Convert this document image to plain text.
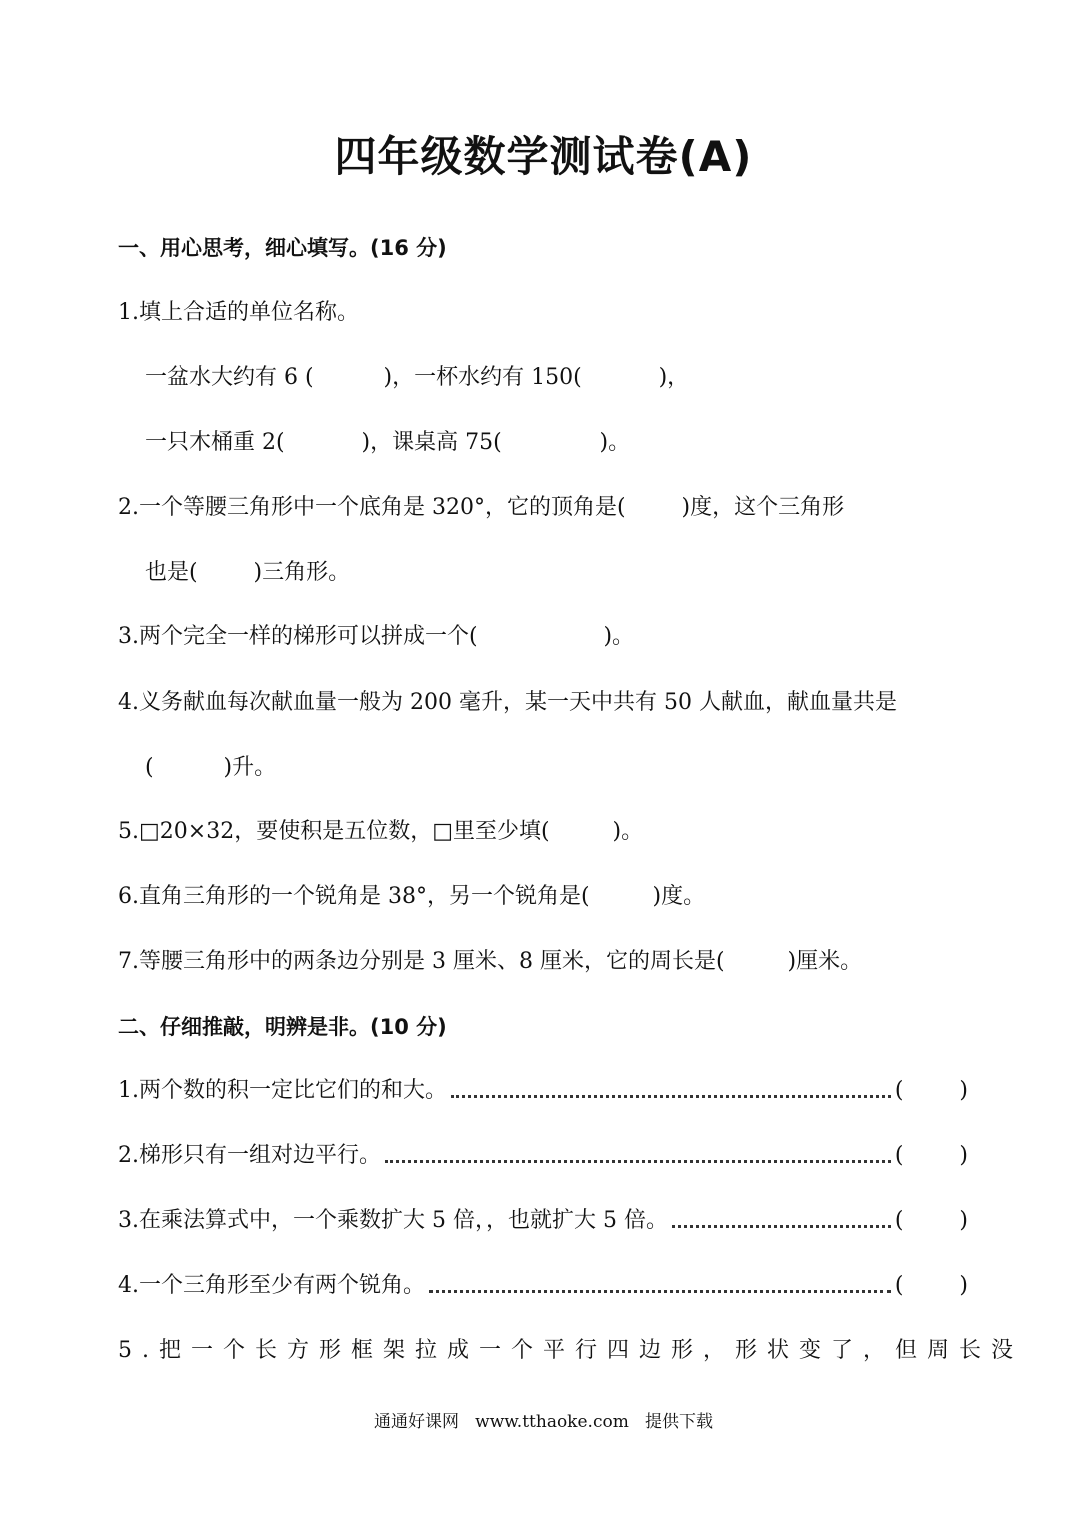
四年级数学测试卷(A)
一、用心思考，细心填写。(16 分)
1.填上合适的单位名称。
一盆水大约有 6 (          )，一杯水约有 150(           )，
一只木桶重 2(           )，课桌高 75(              )。
2.一个等腰三角形中一个底角是 320°，它的顶角是(        )度，这个三角形
也是(        )三角形。
3.两个完全一样的梯形可以拼成一个(                  )。
4.义务献血每次献血量一般为 200 毫升，某一天中共有 50 人献血，献血量共是
(          )升。
5.□20×32，要使积是五位数，□里至少填(         )。
6.直角三角形的一个锐角是 38°，另一个锐角是(         )度。
7.等腰三角形中的两条边分别是 3 厘米、8 厘米，它的周长是(         )厘米。
二、仔细推敲，明辨是非。(10 分)
1.两个数的积一定比它们的和大。	(        )
2.梯形只有一组对边平行。	(        )
3.在乘法算式中，一个乘数扩大 5 倍，，也就扩大 5 倍。	(        )
4.一个三角形至少有两个锐角。	(        )
5.把一个长方形框架拉成一个平行四边形，形状变了，但周长没
通通好课网   www.tthaoke.com   提供下载
